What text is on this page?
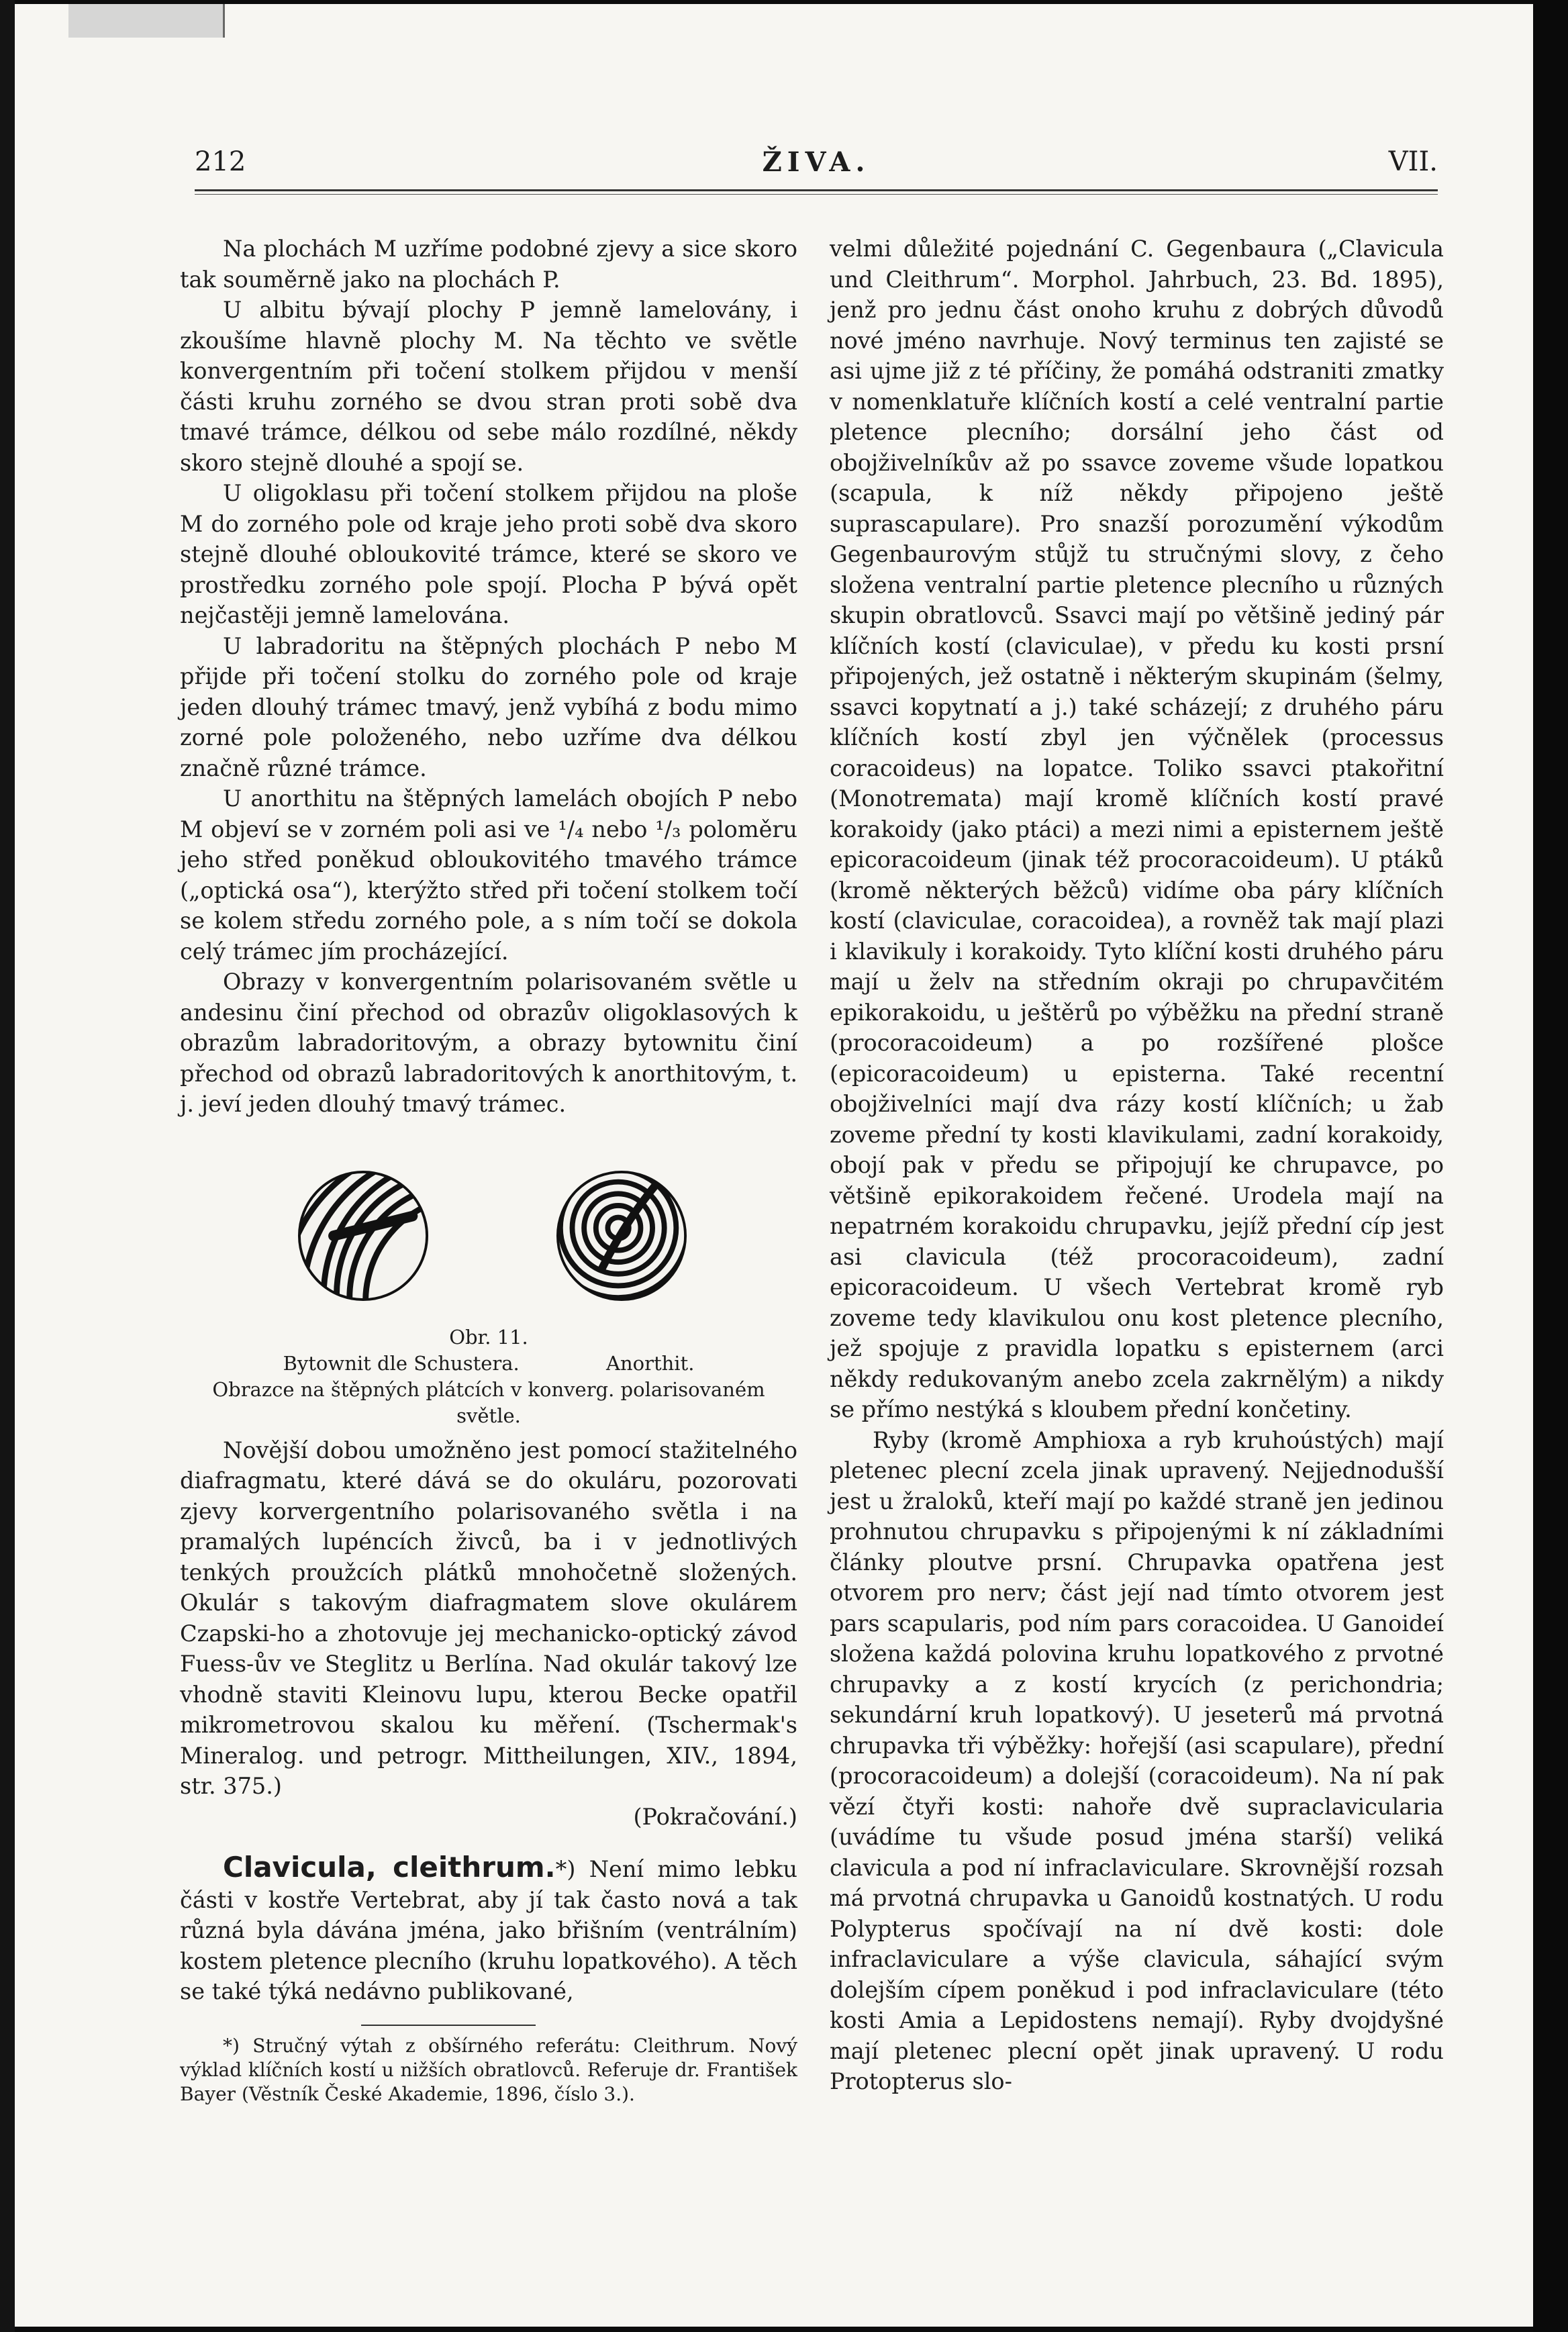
212	ŽIVA.	VII.

Na plochách M uzříme podobné zjevy a sice skoro tak souměrně jako na plochách P.

U albitu bývají plochy P jemně lamelovány, i zkoušíme hlavně plochy M. Na těchto ve světle konvergentním při točení stolkem přijdou v menší části kruhu zorného se dvou stran proti sobě dva tmavé trámce, délkou od sebe málo rozdílné, někdy skoro stejně dlouhé a spojí se.

U oligoklasu při točení stolkem přijdou na ploše M do zorného pole od kraje jeho proti sobě dva skoro stejně dlouhé obloukovité trámce, které se skoro ve prostředku zorného pole spojí. Plocha P bývá opět nejčastěji jemně lamelována.

U labradoritu na štěpných plochách P nebo M přijde při točení stolku do zorného pole od kraje jeden dlouhý trámec tmavý, jenž vybíhá z bodu mimo zorné pole položeného, nebo uzříme dva délkou značně různé trámce.

U anorthitu na štěpných lamelách obojích P nebo M objeví se v zorném poli asi ve ¹/₄ nebo ¹/₃ poloměru jeho střed poněkud obloukovitého tmavého trámce („optická osa“), kterýžto střed při točení stolkem točí se kolem středu zorného pole, a s ním točí se dokola celý trámec jím procházející.

Obrazy v konvergentním polarisovaném světle u andesinu činí přechod od obrazův oligoklasových k obrazům labradoritovým, a obrazy bytownitu činí přechod od obrazů labradoritových k anorthitovým, t. j. jeví jeden dlouhý tmavý trámec.

Obr. 11.
Bytownit dle Schustera.	Anorthit.
Obrazce na štěpných plátcích v konverg. polarisovaném světle.

Novější dobou umožněno jest pomocí stažitelného diafragmatu, které dává se do okuláru, pozorovati zjevy korvergentního polarisovaného světla i na pramalých lupéncích živců, ba i v jednotlivých tenkých proužcích plátků mnohočetně složených. Okulár s takovým diafragmatem slove okulárem Czapski-ho a zhotovuje jej mechanicko-optický závod Fuess-ův ve Steglitz u Berlína. Nad okulár takový lze vhodně staviti Kleinovu lupu, kterou Becke opatřil mikrometrovou skalou ku měření. (Tschermak's Mineralog. und petrogr. Mittheilungen, XIV., 1894, str. 375.)

(Pokračování.)

Clavicula, cleithrum.*) Není mimo lebku části v kostře Vertebrat, aby jí tak často nová a tak různá byla dávána jména, jako břišním (ventrálním) kostem pletence plecního (kruhu lopatkového). A těch se také týká nedávno publikované,

*) Stručný výtah z obšírného referátu: Cleithrum. Nový výklad klíčních kostí u nižších obratlovců. Referuje dr. František Bayer (Věstník České Akademie, 1896, číslo 3.).

velmi důležité pojednání C. Gegenbaura („Clavicula und Cleithrum“. Morphol. Jahrbuch, 23. Bd. 1895), jenž pro jednu část onoho kruhu z dobrých důvodů nové jméno navrhuje. Nový terminus ten zajisté se asi ujme již z té příčiny, že pomáhá odstraniti zmatky v nomenklatuře klíčních kostí a celé ventralní partie pletence plecního; dorsální jeho část od obojživelníkův až po ssavce zoveme všude lopatkou (scapula, k níž někdy připojeno ještě suprascapulare). Pro snazší porozumění výkodům Gegenbaurovým stůjž tu stručnými slovy, z čeho složena ventralní partie pletence plecního u různých skupin obratlovců. Ssavci mají po většině jediný pár klíčních kostí (claviculae), v předu ku kosti prsní připojených, jež ostatně i některým skupinám (šelmy, ssavci kopytnatí a j.) také scházejí; z druhého páru klíčních kostí zbyl jen výčnělek (processus coracoideus) na lopatce. Toliko ssavci ptakořitní (Monotremata) mají kromě klíčních kostí pravé korakoidy (jako ptáci) a mezi nimi a episternem ještě epicoracoideum (jinak též procoracoideum). U ptáků (kromě některých běžců) vidíme oba páry klíčních kostí (claviculae, coracoidea), a rovněž tak mají plazi i klavikuly i korakoidy. Tyto klíční kosti druhého páru mají u želv na středním okraji po chrupavčitém epikorakoidu, u ještěrů po výběžku na přední straně (procoracoideum) a po rozšířené plošce (epicoracoideum) u episterna. Také recentní obojživelníci mají dva rázy kostí klíčních; u žab zoveme přední ty kosti klavikulami, zadní korakoidy, obojí pak v předu se připojují ke chrupavce, po většině epikorakoidem řečené. Urodela mají na nepatrném korakoidu chrupavku, jejíž přední cíp jest asi clavicula (též procoracoideum), zadní epicoracoideum. U všech Vertebrat kromě ryb zoveme tedy klavikulou onu kost pletence plecního, jež spojuje z pravidla lopatku s episternem (arci někdy redukovaným anebo zcela zakrnělým) a nikdy se přímo nestýká s kloubem přední končetiny.

Ryby (kromě Amphioxa a ryb kruhoústých) mají pletenec plecní zcela jinak upravený. Nejjednodušší jest u žraloků, kteří mají po každé straně jen jedinou prohnutou chrupavku s připojenými k ní základními články ploutve prsní. Chrupavka opatřena jest otvorem pro nerv; část její nad tímto otvorem jest pars scapularis, pod ním pars coracoidea. U Ganoideí složena každá polovina kruhu lopatkového z prvotné chrupavky a z kostí krycích (z perichondria; sekundární kruh lopatkový). U jeseterů má prvotná chrupavka tři výběžky: hořejší (asi scapulare), přední (procoracoideum) a dolejší (coracoideum). Na ní pak vězí čtyři kosti: nahoře dvě supraclavicularia (uvádíme tu všude posud jména starší) veliká clavicula a pod ní infraclaviculare. Skrovnější rozsah má prvotná chrupavka u Ganoidů kostnatých. U rodu Polypterus spočívají na ní dvě kosti: dole infraclaviculare a výše clavicula, sáhající svým dolejším cípem poněkud i pod infraclaviculare (této kosti Amia a Lepidostens nemají). Ryby dvojdyšné mají pletenec plecní opět jinak upravený. U rodu Protopterus slo-
